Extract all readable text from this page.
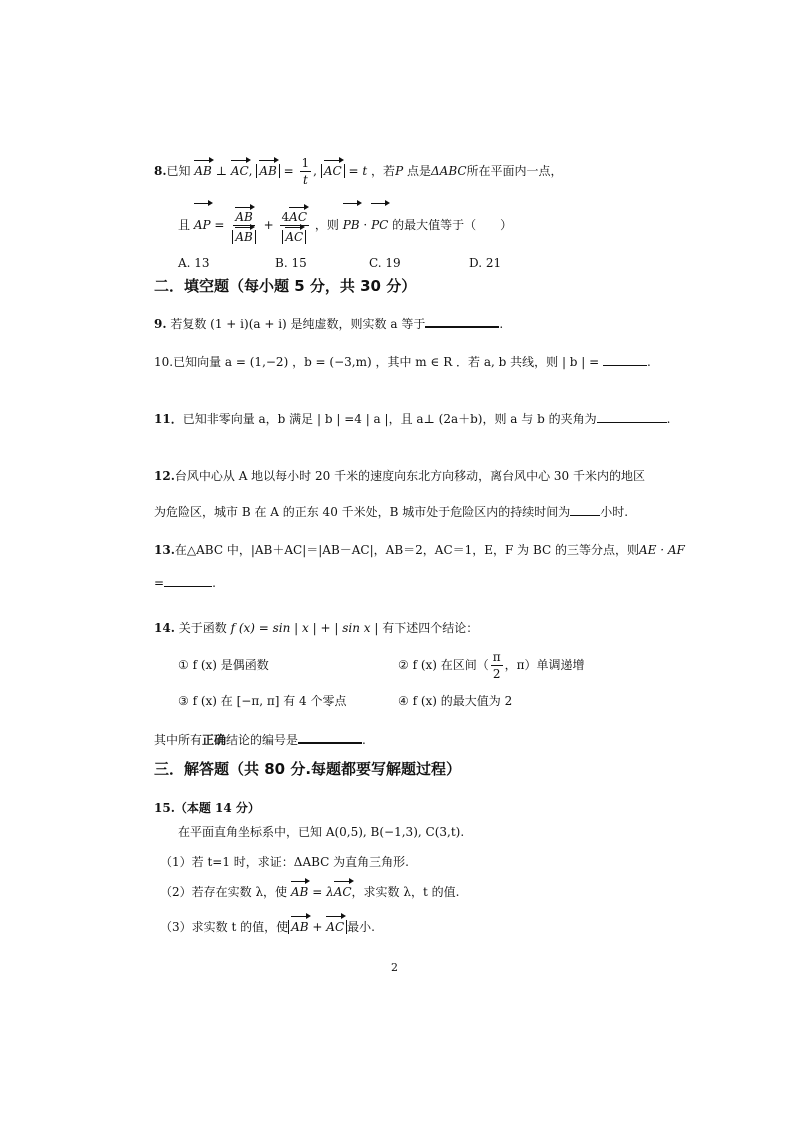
8.已知 AB ⊥ AC, AB = $\frac{1}{t}$ , AC = t ，若P 点是ΔABC所在平面内一点，
且 AP = $\frac{AB}{AB} + \frac{4AC}{AC}$ ，则 PB · PC 的最大值等于（　　）
A. 13	B. 15	C. 19	D. 21
二．填空题（每小题 5 分，共 30 分）
9. 若复数 (1 + i)(a + i) 是纯虚数，则实数 a 等于	.
10.已知向量 a = (1,−2) ，b = (−3,m) ，其中 m ∈ R ．若 a, b 共线，则 | b | =	.
11．已知非零向量 a，b 满足 | b | =4 | a |，且 a⊥ (2a＋b)，则 a 与 b 的夹角为	.
12.台风中心从 A 地以每小时 20 千米的速度向东北方向移动，离台风中心 30 千米内的地区
为危险区，城市 B 在 A 的正东 40 千米处，B 城市处于危险区内的持续时间为	小时.
13.在△ABC 中，|AB＋AC|＝|AB－AC|，AB＝2，AC＝1，E，F 为 BC 的三等分点，则AE · AF
=	.
14. 关于函数 f (x) = sin | x | + | sin x | 有下述四个结论：
① f (x) 是偶函数	② f (x) 在区间（ $\frac{\pi}{2}$ ，π）单调递增
③ f (x) 在 [−π, π] 有 4 个零点	④ f (x) 的最大值为 2
其中所有正确结论的编号是	.
三．解答题（共 80 分.每题都要写解题过程）
15.（本题 14 分）
在平面直角坐标系中，已知 A(0,5), B(−1,3), C(3,t).
（1）若 t=1 时，求证：ΔABC 为直角三角形.
（2）若存在实数 λ，使 AB = λAC，求实数 λ，t 的值.
（3）求实数 t 的值，使 AB + AC 最小.
2
